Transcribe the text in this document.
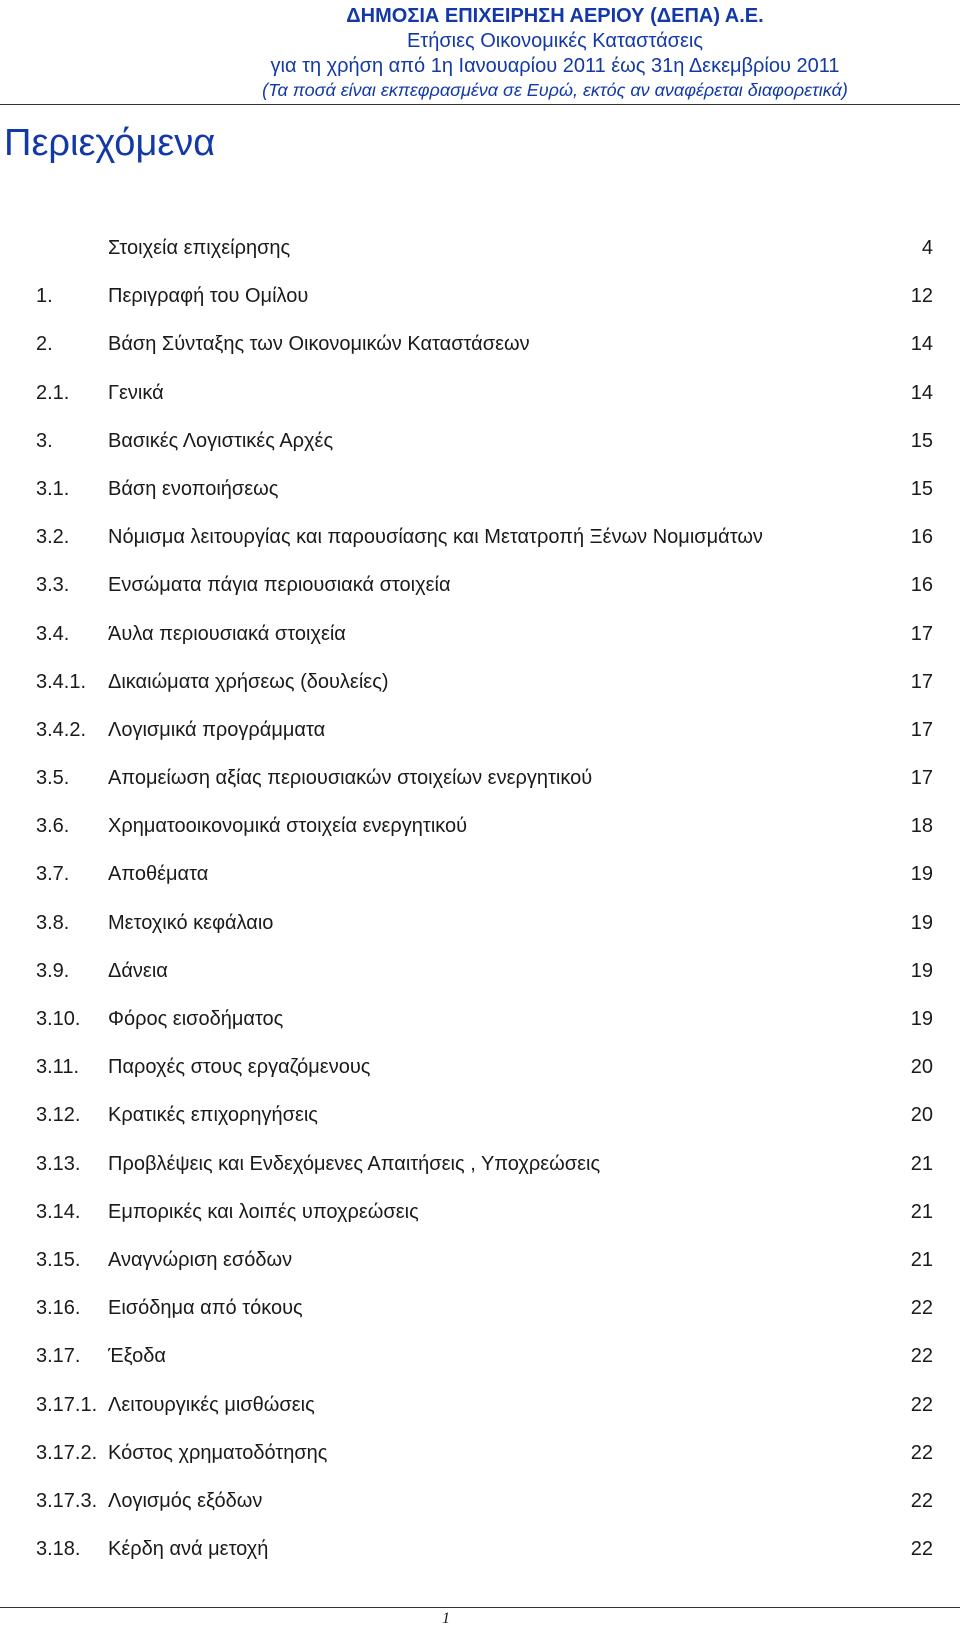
ΔΗΜΟΣΙΑ ΕΠΙΧΕΙΡΗΣΗ ΑΕΡΙΟΥ (ΔΕΠΑ) Α.Ε.
Ετήσιες Οικονομικές Καταστάσεις
για τη χρήση από 1η Ιανουαρίου 2011 έως 31η Δεκεμβρίου 2011
(Τα ποσά είναι εκπεφρασμένα σε Ευρώ, εκτός αν αναφέρεται διαφορετικά)
Περιεχόμενα
Στοιχεία επιχείρησης	4
1.	Περιγραφή του Ομίλου	12
2.	Βάση Σύνταξης των Οικονομικών Καταστάσεων	14
2.1. Γενικά	14
3.	Βασικές Λογιστικές Αρχές	15
3.1. Βάση ενοποιήσεως	15
3.2. Νόμισμα λειτουργίας και παρουσίασης και Μετατροπή Ξένων Νομισμάτων	16
3.3. Ενσώματα πάγια περιουσιακά στοιχεία	16
3.4. Άυλα περιουσιακά στοιχεία	17
3.4.1. Δικαιώματα χρήσεως (δουλείες)	17
3.4.2. Λογισμικά προγράμματα	17
3.5. Απομείωση αξίας περιουσιακών στοιχείων ενεργητικού	17
3.6. Χρηματοοικονομικά στοιχεία ενεργητικού	18
3.7. Αποθέματα	19
3.8. Μετοχικό κεφάλαιο	19
3.9. Δάνεια	19
3.10. Φόρος εισοδήματος	19
3.11. Παροχές στους εργαζόμενους	20
3.12. Κρατικές επιχορηγήσεις	20
3.13. Προβλέψεις και Ενδεχόμενες Απαιτήσεις , Υποχρεώσεις	21
3.14. Εμπορικές και λοιπές υποχρεώσεις	21
3.15. Αναγνώριση εσόδων	21
3.16. Εισόδημα από τόκους	22
3.17. Έξοδα	22
3.17.1. Λειτουργικές μισθώσεις	22
3.17.2. Κόστος χρηματοδότησης	22
3.17.3. Λογισμός εξόδων	22
3.18. Κέρδη ανά μετοχή	22
1
